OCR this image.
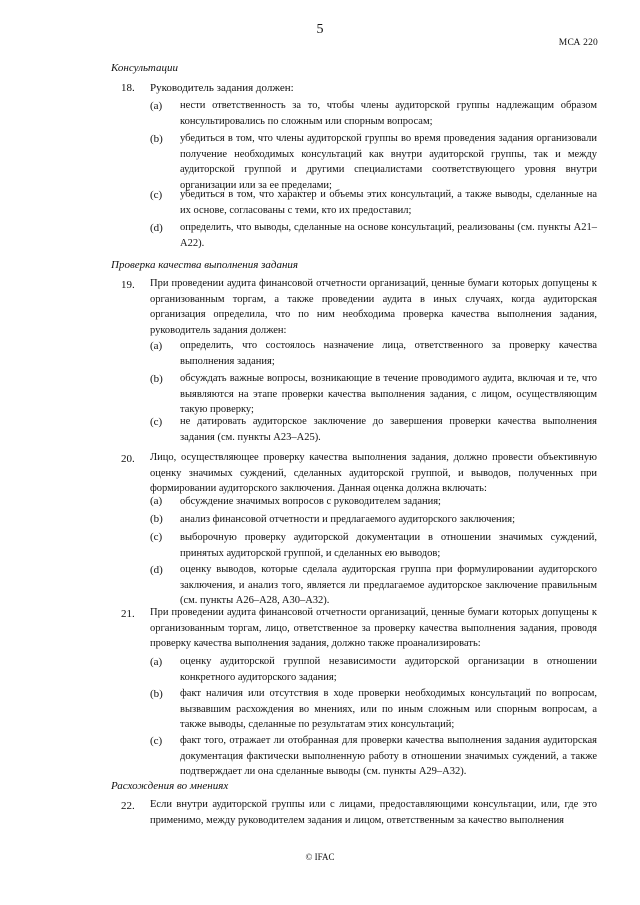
5
МСА 220
Консультации
18. Руководитель задания должен:
(a) нести ответственность за то, чтобы члены аудиторской группы надлежащим образом консультировались по сложным или спорным вопросам;
(b) убедиться в том, что члены аудиторской группы во время проведения задания организовали получение необходимых консультаций как внутри аудиторской группы, так и между аудиторской группой и другими специалистами соответствующего уровня внутри организации или за ее пределами;
(c) убедиться в том, что характер и объемы этих консультаций, а также выводы, сделанные на их основе, согласованы с теми, кто их предоставил;
(d) определить, что выводы, сделанные на основе консультаций, реализованы (см. пункты A21–A22).
Проверка качества выполнения задания
19. При проведении аудита финансовой отчетности организаций, ценные бумаги которых допущены к организованным торгам, а также проведении аудита в иных случаях, когда аудиторская организация определила, что по ним необходима проверка качества выполнения задания, руководитель задания должен:
(a) определить, что состоялось назначение лица, ответственного за проверку качества выполнения задания;
(b) обсуждать важные вопросы, возникающие в течение проводимого аудита, включая и те, что выявляются на этапе проверки качества выполнения задания, с лицом, осуществляющим такую проверку;
(c) не датировать аудиторское заключение до завершения проверки качества выполнения задания (см. пункты A23–A25).
20. Лицо, осуществляющее проверку качества выполнения задания, должно провести объективную оценку значимых суждений, сделанных аудиторской группой, и выводов, полученных при формировании аудиторского заключения. Данная оценка должна включать:
(a) обсуждение значимых вопросов с руководителем задания;
(b) анализ финансовой отчетности и предлагаемого аудиторского заключения;
(c) выборочную проверку аудиторской документации в отношении значимых суждений, принятых аудиторской группой, и сделанных ею выводов;
(d) оценку выводов, которые сделала аудиторская группа при формулировании аудиторского заключения, и анализ того, является ли предлагаемое аудиторское заключение правильным (см. пункты A26–A28, A30–A32).
21. При проведении аудита финансовой отчетности организаций, ценные бумаги которых допущены к организованным торгам, лицо, ответственное за проверку качества выполнения задания, проводя проверку качества выполнения задания, должно также проанализировать:
(a) оценку аудиторской группой независимости аудиторской организации в отношении конкретного аудиторского задания;
(b) факт наличия или отсутствия в ходе проверки необходимых консультаций по вопросам, вызвавшим расхождения во мнениях, или по иным сложным или спорным вопросам, а также выводы, сделанные по результатам этих консультаций;
(c) факт того, отражает ли отобранная для проверки качества выполнения задания аудиторская документация фактически выполненную работу в отношении значимых суждений, а также подтверждает ли она сделанные выводы (см. пункты A29–A32).
Расхождения во мнениях
22. Если внутри аудиторской группы или с лицами, предоставляющими консультации, или, где это применимо, между руководителем задания и лицом, ответственным за качество выполнения
© IFAC
